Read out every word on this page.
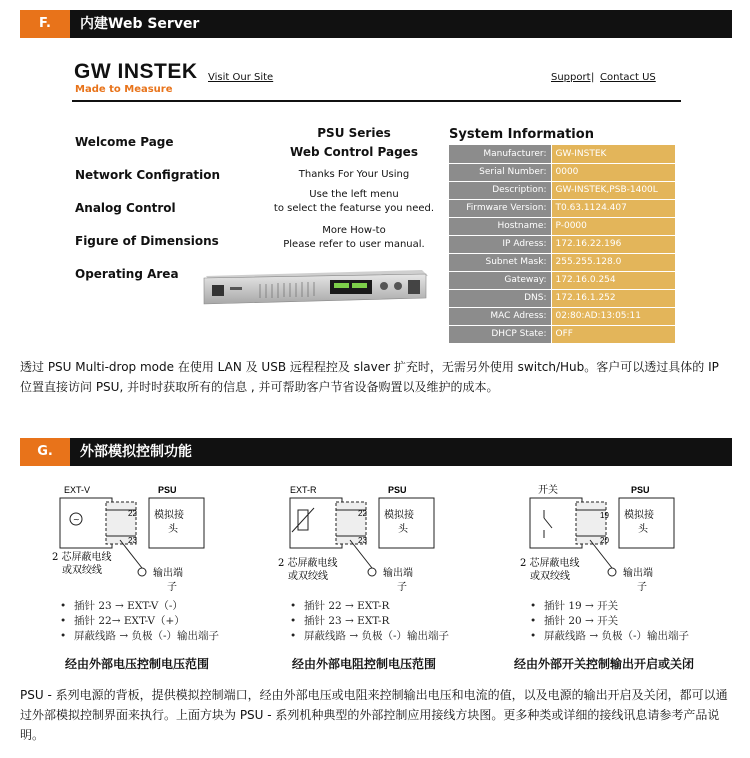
F.	内建Web Server
GW INSTEK
Made to Measure
Visit Our Site	Support | Contact US
Welcome Page
Network Configration
Analog Control
Figure of Dimensions
Operating Area
PSU Series
Web Control Pages
Thanks For Your Using
Use the left menu
to select the featurse you need.
More How-to
Please refer to user manual.
System Information
Manufacturer:	GW-INSTEK
Serial Number:	0000
Description:	GW-INSTEK,PSB-1400L
Firmware Version:	T0.63.1124.407
Hostname:	P-0000
IP Adress:	172.16.22.196
Subnet Mask:	255.255.128.0
Gateway:	172.16.0.254
DNS:	172.16.1.252
MAC Adress:	02:80:AD:13:05:11
DHCP State:	OFF
透过 PSU Multi-drop mode 在使用 LAN 及 USB 远程程控及 slaver 扩充时，无需另外使用 switch/Hub。客户可以透过具体的 IP 位置直接访问 PSU, 并时时获取所有的信息 , 并可帮助客户节省设备购置以及维护的成本。
G.	外部模拟控制功能
EXT-V	PSU
~
22
23
模拟接
头
输出端
子
2 芯屏蔽电线
或双绞线
• 插针 23 → EXT-V（-）
• 插针 22→ EXT-V（+）
• 屏蔽线路 → 负极（-）输出端子
经由外部电压控制电压范围
EXT-R	PSU
22
23
模拟接
头
输出端
子
2 芯屏蔽电线
或双绞线
• 插针 22 → EXT-R
• 插针 23 → EXT-R
• 屏蔽线路 → 负极（-）输出端子
经由外部电阻控制电压范围
开关	PSU
19
20
模拟接
头
输出端
子
2 芯屏蔽电线
或双绞线
• 插针 19 → 开关
• 插针 20 → 开关
• 屏蔽线路 → 负极（-）输出端子
经由外部开关控制输出开启或关闭
PSU - 系列电源的背板，提供模拟控制端口，经由外部电压或电阻来控制输出电压和电流的值，以及电源的输出开启及关闭，都可以通过外部模拟控制界面来执行。上面方块为 PSU - 系列机种典型的外部控制应用接线方块图。更多种类或详细的接线讯息请参考产品说明。
